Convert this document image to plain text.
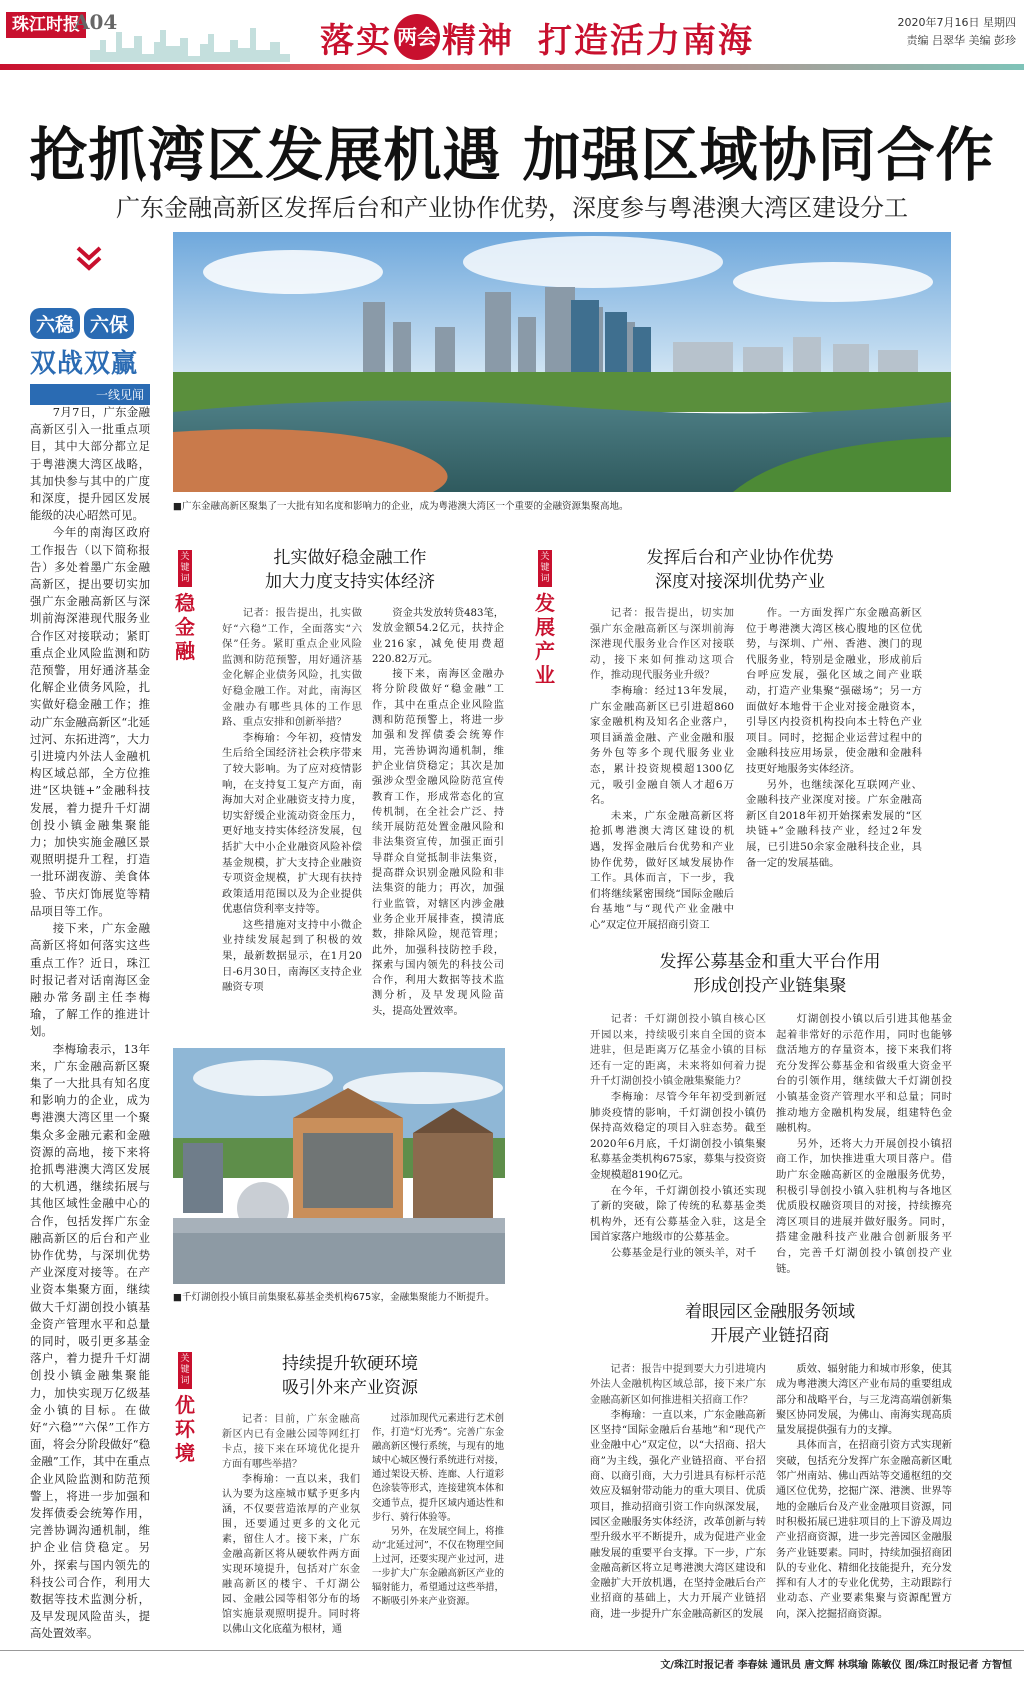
珠江时报
A04	落实 两会 精神 打造活力南海	2020年7月16日 星期四
责编 吕翠华 美编 彭珍
抢抓湾区发展机遇 加强区域协同合作
广东金融高新区发挥后台和产业协作优势，深度参与粤港澳大湾区建设分工
六稳 六保
双战双赢
一线见闻

7月7日，广东金融高新区引入一批重点项目，其中大部分都立足于粤港澳大湾区战略，其加快参与其中的广度和深度，提升园区发展能级的决心昭然可见。

今年的南海区政府工作报告（以下简称报告）多处着墨广东金融高新区，提出要切实加强广东金融高新区与深圳前海深港现代服务业合作区对接联动；紧盯重点企业风险监测和防范预警，用好通济基金化解企业债务风险，扎实做好稳金融工作；推动广东金融高新区“北延过河、东拓进湾”，大力引进境内外法人金融机构区域总部，全方位推进“区块链+”金融科技发展，着力提升千灯湖创投小镇金融集聚能力；加快实施金融区景观照明提升工程，打造一批环湖夜游、美食体验、节庆灯饰展览等精品项目等工作。

接下来，广东金融高新区将如何落实这些重点工作？近日，珠江时报记者对话南海区金融办常务副主任李梅瑜，了解工作的推进计划。

李梅瑜表示，13年来，广东金融高新区聚集了一大批具有知名度和影响力的企业，成为粤港澳大湾区里一个聚集众多金融元素和金融资源的高地，接下来将抢抓粤港澳大湾区发展的大机遇，继续拓展与其他区域性金融中心的合作，包括发挥广东金融高新区的后台和产业协作优势，与深圳优势产业深度对接等。在产业资本集聚方面，继续做大千灯湖创投小镇基金资产管理水平和总量的同时，吸引更多基金落户，着力提升千灯湖创投小镇金融集聚能力，加快实现万亿级基金小镇的目标。在做好“六稳”“六保”工作方面，将会分阶段做好“稳金融”工作，其中在重点企业风险监测和防范预警上，将进一步加强和发挥债委会统筹作用，完善协调沟通机制，维护企业信贷稳定。另外，探索与国内领先的科技公司合作，利用大数据等技术监测分析，及早发现风险苗头，提高处置效率。

■广东金融高新区聚集了一大批有知名度和影响力的企业，成为粤港澳大湾区一个重要的金融资源集聚高地。
关键词
稳金融
扎实做好稳金融工作
加大力度支持实体经济

记者：报告提出，扎实做好“六稳”工作，全面落实“六保”任务。紧盯重点企业风险监测和防范预警，用好通济基金化解企业债务风险，扎实做好稳金融工作。对此，南海区金融办有哪些具体的工作思路、重点安排和创新举措？

李梅瑜：今年初，疫情发生后给全国经济社会秩序带来了较大影响。为了应对疫情影响，在支持复工复产方面，南海加大对企业融资支持力度，切实舒缓企业流动资金压力，更好地支持实体经济发展，包括扩大中小企业融资风险补偿基金规模，扩大支持企业融资专项资金规模，扩大现有扶持政策适用范围以及为企业提供优惠信贷利率支持等。

这些措施对支持中小微企业持续发展起到了积极的效果，最新数据显示，在1月20日-6月30日，南海区支持企业融资专项

资金共发放转贷483笔，发放金额54.2亿元，扶持企业216家，减免使用费超220.82万元。

接下来，南海区金融办将分阶段做好“稳金融”工作，其中在重点企业风险监测和防范预警上，将进一步加强和发挥债委会统筹作用，完善协调沟通机制，维护企业信贷稳定；其次是加强涉众型金融风险防范宣传教育工作，形成常态化的宣传机制，在全社会广泛、持续开展防范处置金融风险和非法集资宣传，加强正面引导群众自觉抵制非法集资，提高群众识别金融风险和非法集资的能力；再次，加强行业监管，对辖区内涉金融业务企业开展排查，摸清底数，排除风险，规范管理；此外，加强科技防控手段，探索与国内领先的科技公司合作，利用大数据等技术监测分析，及早发现风险苗头，提高处置效率。

关键词
发展产业
发挥后台和产业协作优势
深度对接深圳优势产业

记者：报告提出，切实加强广东金融高新区与深圳前海深港现代服务业合作区对接联动，接下来如何推动这项合作，推动现代服务业升级？

李梅瑜：经过13年发展，广东金融高新区已引进超860家金融机构及知名企业落户，项目涵盖金融、产业金融和服务外包等多个现代服务业业态，累计投资规模超1300亿元，吸引金融自领人才超6万名。

未来，广东金融高新区将抢抓粤港澳大湾区建设的机遇，发挥金融后台优势和产业协作优势，做好区域发展协作工作。具体而言，下一步，我们将继续紧密围绕“国际金融后台基地”与“现代产业金融中心”双定位开展招商引资工

作。一方面发挥广东金融高新区位于粤港澳大湾区核心腹地的区位优势，与深圳、广州、香港、澳门的现代服务业，特别是金融业，形成前后台呼应发展，强化区域之间产业联动，打造产业集聚“强磁场”；另一方面做好本地骨干企业对接金融资本，引导区内投资机构投向本土特色产业项目。同时，挖掘企业运营过程中的金融科技应用场景，使金融和金融科技更好地服务实体经济。

另外，也继续深化互联网产业、金融科技产业深度对接。广东金融高新区自2018年初开始探索发展的“区块链+”金融科技产业，经过2年发展，已引进50余家金融科技企业，具备一定的发展基础。

■千灯湖创投小镇目前集聚私募基金类机构675家，金融集聚能力不断提升。
发挥公募基金和重大平台作用
形成创投产业链集聚

记者：千灯湖创投小镇自核心区开园以来，持续吸引来自全国的资本进驻，但是距离万亿基金小镇的目标还有一定的距离，未来将如何着力提升千灯湖创投小镇金融集聚能力？

李梅瑜：尽管今年年初受到新冠肺炎疫情的影响，千灯湖创投小镇仍保持高效稳定的项目入驻态势。截至2020年6月底，千灯湖创投小镇集聚私募基金类机构675家，募集与投资资金规模超8190亿元。

在今年，千灯湖创投小镇还实现了新的突破，除了传统的私募基金类机构外，还有公募基金入驻，这是全国首家落户地级市的公募基金。

公募基金是行业的领头羊，对千

灯湖创投小镇以后引进其他基金起着非常好的示范作用，同时也能够盘活地方的存量资本，接下来我们将充分发挥公募基金和省级重大资金平台的引领作用，继续做大千灯湖创投小镇基金资产管理水平和总量；同时推动地方金融机构发展，组建特色金融机构。

另外，还将大力开展创投小镇招商工作，加快推进重大项目落户。借助广东金融高新区的金融服务优势，积极引导创投小镇入驻机构与各地区优质股权融资项目的对接，持续擦亮湾区项目的进展并做好服务。同时，搭建金融科技产业融合创新服务平台，完善千灯湖创投小镇创投产业链。

关键词
优环境
持续提升软硬环境
吸引外来产业资源

记者：目前，广东金融高新区内已有金融公园等网红打卡点，接下来在环境优化提升方面有哪些举措？

李梅瑜：一直以来，我们认为要为这座城市赋予更多内涵，不仅要营造浓厚的产业氛围，还要通过更多的文化元素，留住人才。接下来，广东金融高新区将从硬软件两方面实现环境提升，包括对广东金融高新区的楼宇、千灯湖公园、金融公园等相邻分布的场馆实施景观照明提升。同时将以佛山文化底蕴为根材，通

过添加现代元素进行艺术创作，打造“灯光秀”。完善广东金融高新区慢行系统，与现有的地域中心城区慢行系统进行对接，通过架设天桥、连廊、人行道彩色涂装等形式，连接建筑本体和交通节点，提升区域内通达性和步行、骑行体验等。

另外，在发展空间上，将推动“北延过河”，不仅在物理空间上过河，还要实现产业过河，进一步扩大广东金融高新区产业的辐射能力，希望通过这些举措，不断吸引外来产业资源。

着眼园区金融服务领域
开展产业链招商

记者：报告中提到要大力引进境内外法人金融机构区域总部，接下来广东金融高新区如何推进相关招商工作？

李梅瑜：一直以来，广东金融高新区坚持“国际金融后台基地”和“现代产业金融中心”双定位，以“大招商、招大商”为主线，强化产业链招商、平台招商、以商引商，大力引进具有标杆示范效应及辐射带动能力的重大项目、优质项目，推动招商引资工作向纵深发展，园区金融服务实体经济，改革创新与转型升级水平不断提升，成为促进产业金融发展的重要平台支撑。下一步，广东金融高新区将立足粤港澳大湾区建设和金融扩大开放机遇，在坚持金融后台产业招商的基础上，大力开展产业链招商，进一步提升广东金融高新区的发展

质效、辐射能力和城市形象，使其成为粤港澳大湾区产业布局的重要组成部分和战略平台，与三龙湾高端创新集聚区协同发展，为佛山、南海实现高质量发展提供强有力的支撑。

具体而言，在招商引资方式实现新突破，包括充分发挥广东金融高新区毗邻广州南站、佛山西站等交通枢纽的交通区位优势，挖掘广深、港澳、世界等地的金融后台及产业金融项目资源，同时积极拓展已进驻项目的上下游及周边产业招商资源，进一步完善园区金融服务产业链要素。同时，持续加强招商团队的专业化、精细化技能提升，充分发挥和有人才的专业化优势，主动跟踪行业动态、产业要素集聚与资源配置方向，深入挖掘招商资源。

文/珠江时报记者 李春妹 通讯员 唐文辉 林琪瑜 陈敏仪 图/珠江时报记者 方智恒
